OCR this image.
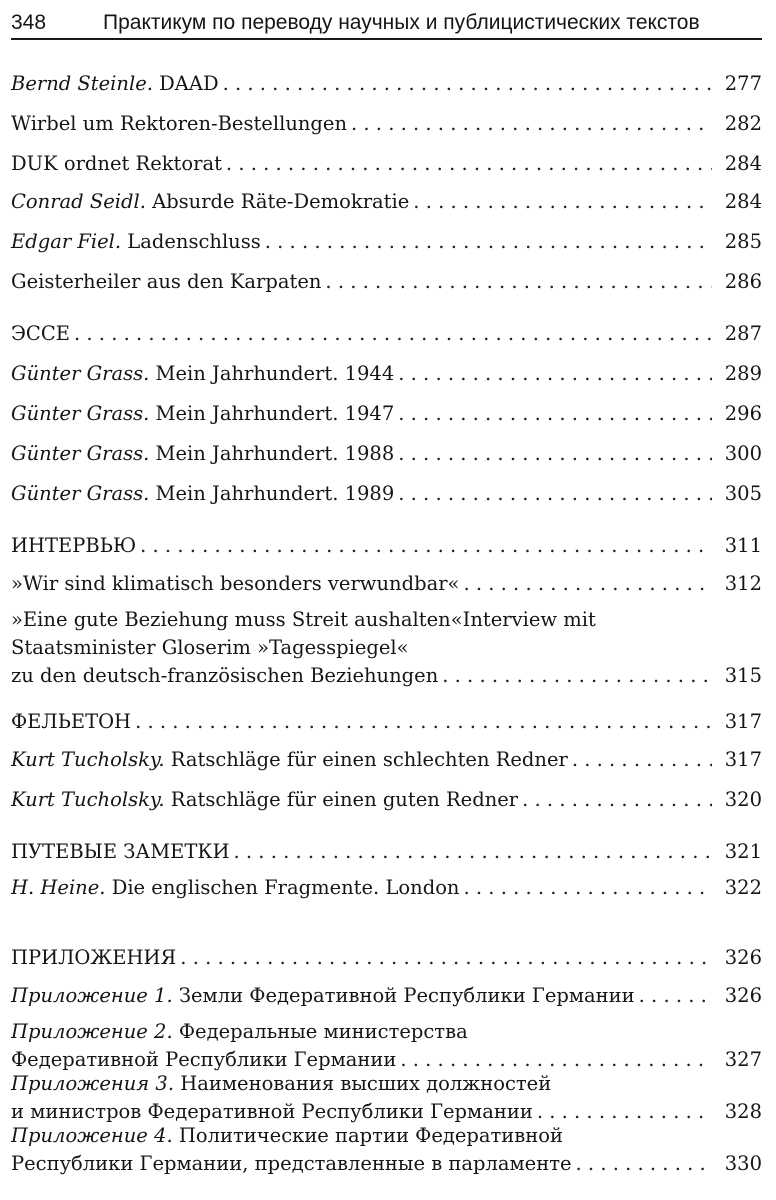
348	Практикум по переводу научных и публицистических текстов
Bernd Steinle. DAAD . . .	277
Wirbel um Rektoren-Bestellungen . . .	282
DUK ordnet Rektorat . . .	284
Conrad Seidl. Absurde Räte-Demokratie . . .	284
Edgar Fiel. Ladenschluss . . .	285
Geisterheiler aus den Karpaten . . .	286
ЭССЕ . . .	287
Günter Grass. Mein Jahrhundert. 1944 . . .	289
Günter Grass. Mein Jahrhundert. 1947 . . .	296
Günter Grass. Mein Jahrhundert. 1988 . . .	300
Günter Grass. Mein Jahrhundert. 1989 . . .	305
ИНТЕРВЬЮ . . .	311
»Wir sind klimatisch besonders verwundbar« . . .	312
»Eine gute Beziehung muss Streit aushalten«Interview mit
Staatsminister Gloserim »Tagesspiegel«
zu den deutsch-französischen Beziehungen . . .	315
ФЕЛЬЕТОН . . .	317
Kurt Tucholsky. Ratschläge für einen schlechten Redner . . .	317
Kurt Tucholsky. Ratschläge für einen guten Redner . . .	320
ПУТЕВЫЕ ЗАМЕТКИ . . .	321
H. Heine. Die englischen Fragmente. London . . .	322
ПРИЛОЖЕНИЯ . . .	326
Приложение 1. Земли Федеративной Республики Германии . . .	326
Приложение 2. Федеральные министерства
Федеративной Республики Германии . . .	327
Приложения 3. Наименования высших должностей
и министров Федеративной Республики Германии . . .	328
Приложение 4. Политические партии Федеративной
Республики Германии, представленные в парламенте . . .	330
